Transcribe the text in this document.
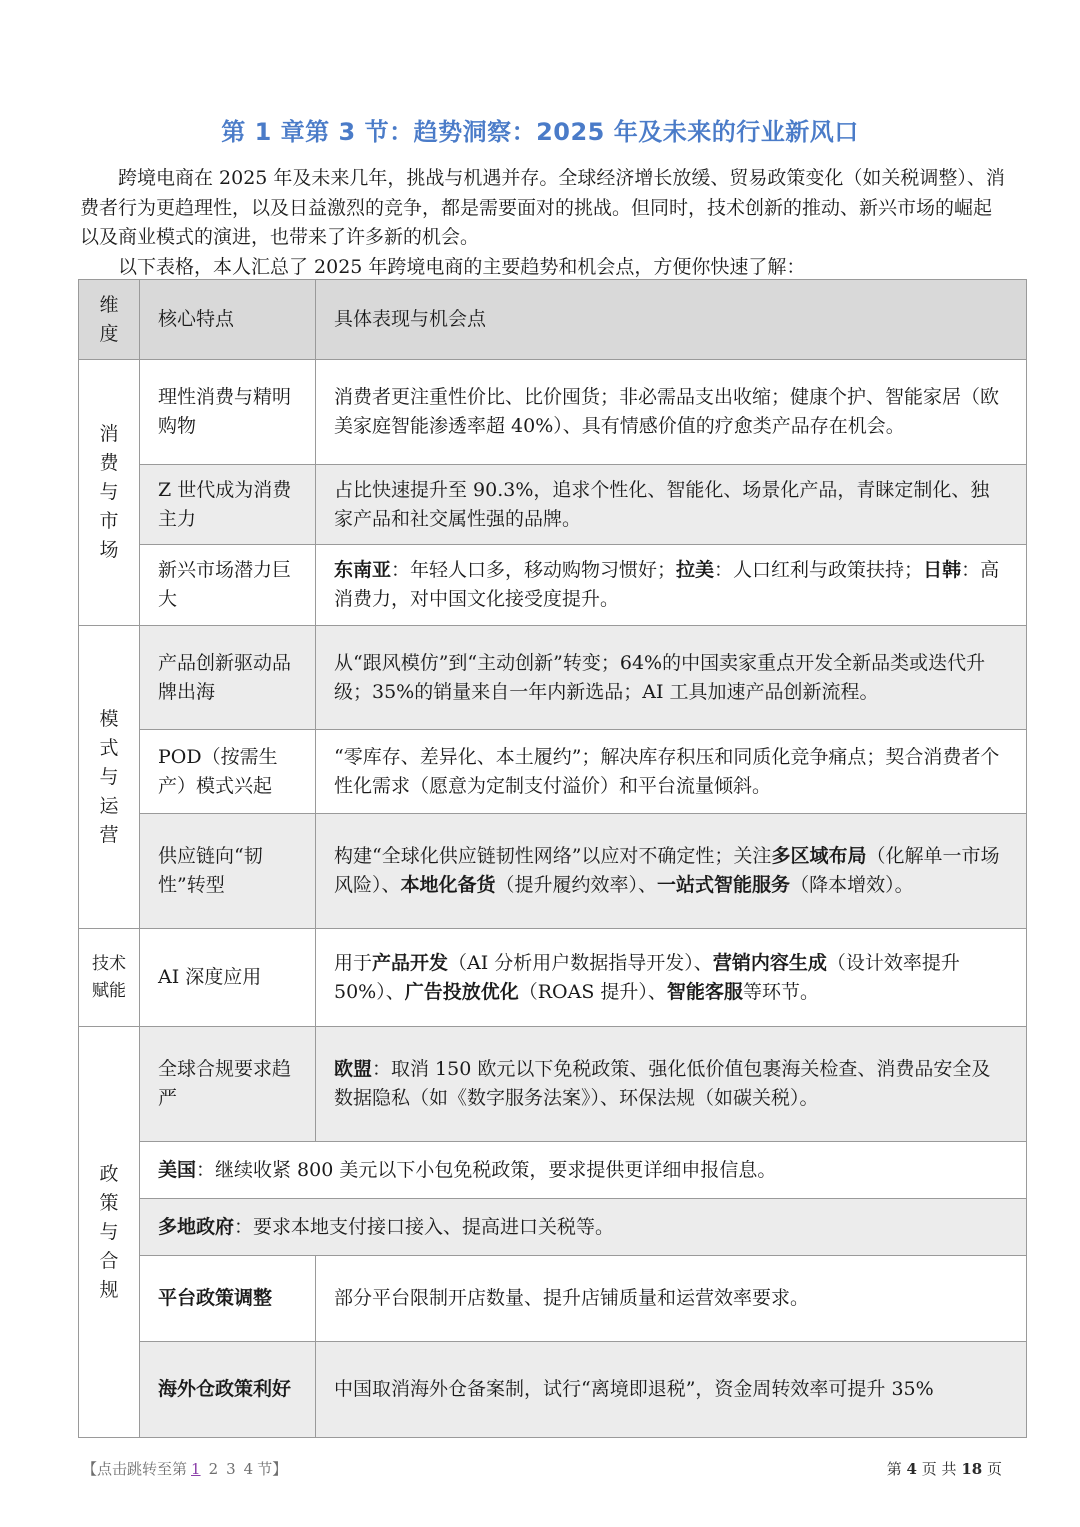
第 1 章第 3 节：趋势洞察：2025 年及未来的行业新风口

跨境电商在 2025 年及未来几年，挑战与机遇并存。全球经济增长放缓、贸易政策变化（如关税调整）、消费者行为更趋理性，以及日益激烈的竞争，都是需要面对的挑战。但同时，技术创新的推动、新兴市场的崛起以及商业模式的演进，也带来了许多新的机会。

以下表格，本人汇总了 2025 年跨境电商的主要趋势和机会点，方便你快速了解：

维度	核心特点	具体表现与机会点

消费与市场	理性消费与精明购物	消费者更注重性价比、比价囤货；非必需品支出收缩；健康个护、智能家居（欧美家庭智能渗透率超 40%）、具有情感价值的疗愈类产品存在机会。
	Z 世代成为消费主力	占比快速提升至 90.3%，追求个性化、智能化、场景化产品，青睐定制化、独家产品和社交属性强的品牌。
	新兴市场潜力巨大	东南亚：年轻人口多，移动购物习惯好；拉美：人口红利与政策扶持；日韩：高消费力，对中国文化接受度提升。

模式与运营	产品创新驱动品牌出海	从“跟风模仿”到“主动创新”转变；64%的中国卖家重点开发全新品类或迭代升级；35%的销量来自一年内新选品；AI 工具加速产品创新流程。
	POD（按需生产）模式兴起	“零库存、差异化、本土履约”；解决库存积压和同质化竞争痛点；契合消费者个性化需求（愿意为定制支付溢价）和平台流量倾斜。
	供应链向“韧性”转型	构建“全球化供应链韧性网络”以应对不确定性；关注多区域布局（化解单一市场风险）、本地化备货（提升履约效率）、一站式智能服务（降本增效）。

技术赋能	AI 深度应用	用于产品开发（AI 分析用户数据指导开发）、营销内容生成（设计效率提升 50%）、广告投放优化（ROAS 提升）、智能客服等环节。

政策与合规	全球合规要求趋严	欧盟：取消 150 欧元以下免税政策、强化低价值包裹海关检查、消费品安全及数据隐私（如《数字服务法案》）、环保法规（如碳关税）。
	美国：继续收紧 800 美元以下小包免税政策，要求提供更详细申报信息。	
	多地政府：要求本地支付接口接入、提高进口关税等。	
	平台政策调整	部分平台限制开店数量、提升店铺质量和运营效率要求。
	海外仓政策利好	中国取消海外仓备案制，试行“离境即退税”，资金周转效率可提升 35%
【点击跳转至第 1 2 3 4 节】	第 4 页 共 18 页
